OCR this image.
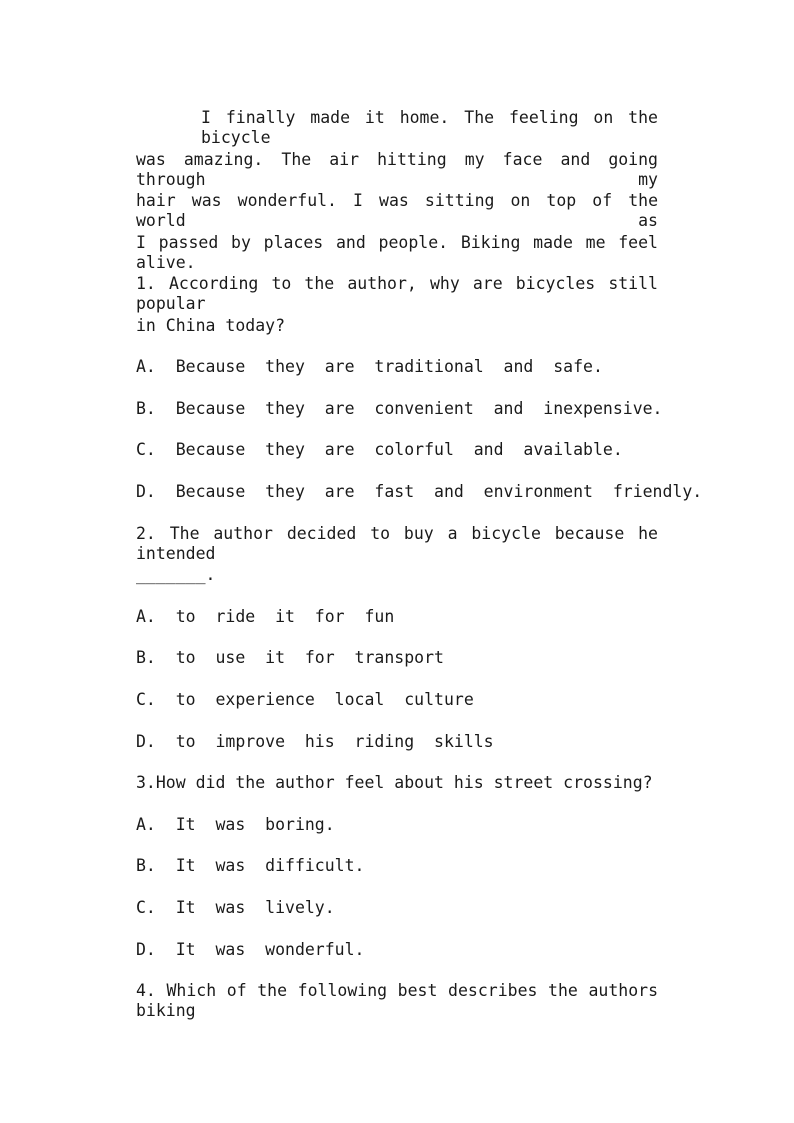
I finally made it home. The feeling on the bicycle
was amazing. The air hitting my face and going through my
hair was wonderful. I was sitting on top of the world as
I passed by places and people. Biking made me feel alive.
1. According to the author, why are bicycles still popular
in China today?
A.  Because  they  are  traditional  and  safe.
B.  Because  they  are  convenient  and  inexpensive.
C.  Because  they  are  colorful  and  available.
D.  Because  they  are  fast  and  environment  friendly.
2. The author decided to buy a bicycle because he intended
_______.
A.  to  ride  it  for  fun
B.  to  use  it  for  transport
C.  to  experience  local  culture
D.  to  improve  his  riding  skills
3.How did the author feel about his street crossing?
A.  It  was  boring.
B.  It  was  difficult.
C.  It  was  lively.
D.  It  was  wonderful.
4. Which of the following best describes the authors biking
